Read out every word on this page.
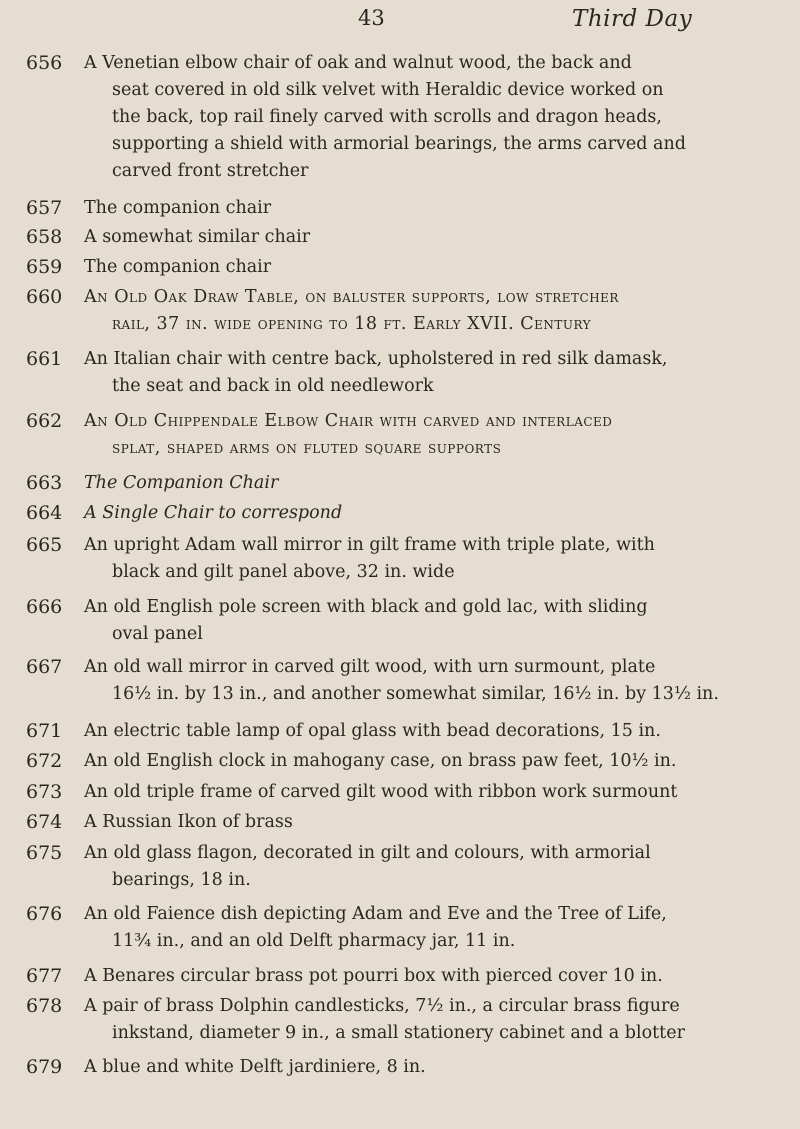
43	Third Day
656 A Venetian elbow chair of oak and walnut wood, the back and
seat covered in old silk velvet with Heraldic device worked on
the back, top rail finely carved with scrolls and dragon heads,
supporting a shield with armorial bearings, the arms carved and
carved front stretcher
657 The companion chair
658 A somewhat similar chair
659 The companion chair
660 An Old Oak Draw Table, on baluster supports, low stretcher
rail, 37 in. wide opening to 18 ft. Early XVII. Century
661 An Italian chair with centre back, upholstered in red silk damask,
the seat and back in old needlework
662 An Old Chippendale Elbow Chair with carved and interlaced
splat, shaped arms on fluted square supports
663 The Companion Chair
664 A Single Chair to correspond
665 An upright Adam wall mirror in gilt frame with triple plate, with
black and gilt panel above, 32 in. wide
666 An old English pole screen with black and gold lac, with sliding
oval panel
667 An old wall mirror in carved gilt wood, with urn surmount, plate
16½ in. by 13 in., and another somewhat similar, 16½ in. by 13½ in.
671 An electric table lamp of opal glass with bead decorations, 15 in.
672 An old English clock in mahogany case, on brass paw feet, 10½ in.
673 An old triple frame of carved gilt wood with ribbon work surmount
674 A Russian Ikon of brass
675 An old glass flagon, decorated in gilt and colours, with armorial
bearings, 18 in.
676 An old Faience dish depicting Adam and Eve and the Tree of Life,
11¾ in., and an old Delft pharmacy jar, 11 in.
677 A Benares circular brass pot pourri box with pierced cover 10 in.
678 A pair of brass Dolphin candlesticks, 7½ in., a circular brass figure
inkstand, diameter 9 in., a small stationery cabinet and a blotter
679 A blue and white Delft jardiniere, 8 in.
